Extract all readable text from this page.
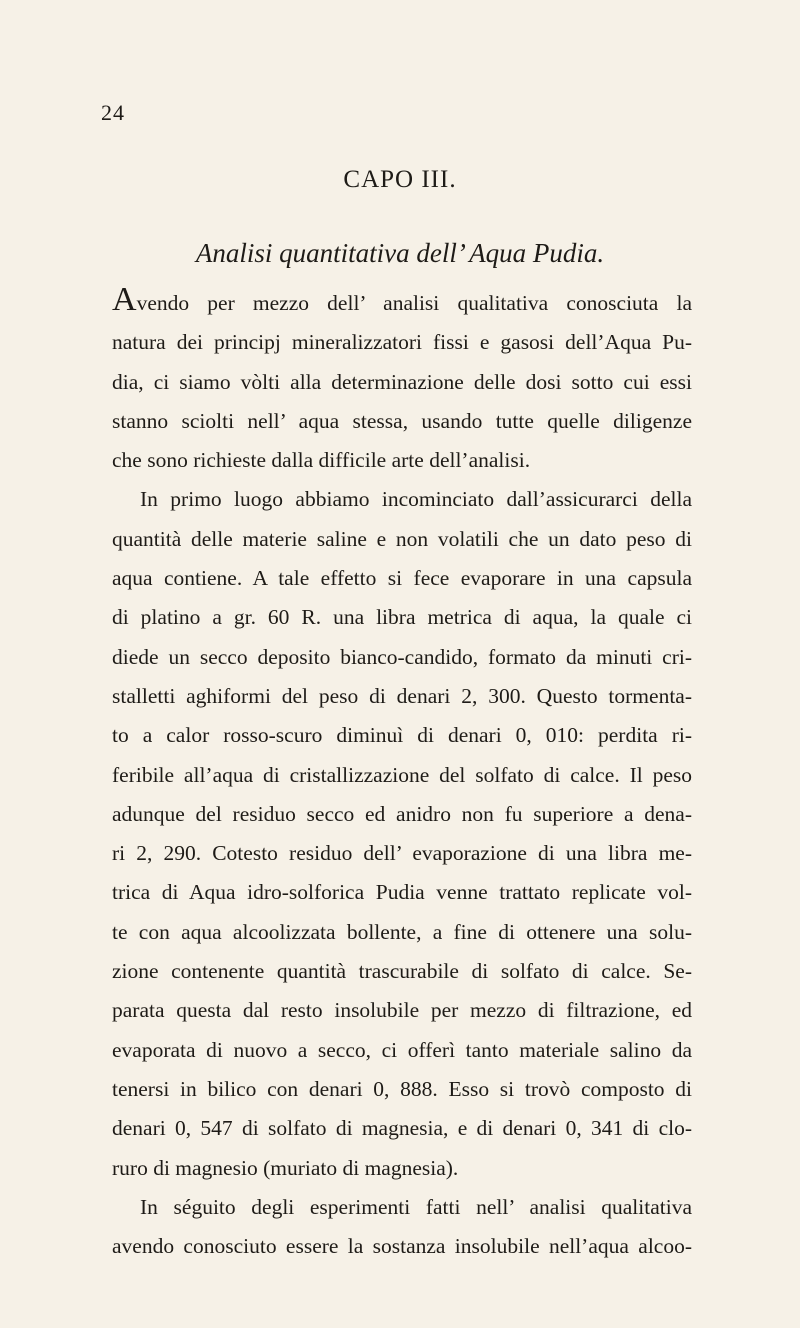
24
CAPO III.
Analisi quantitativa dell’ Aqua Pudia.
Avendo per mezzo dell’ analisi qualitativa conosciuta la
natura dei principj mineralizzatori fissi e gasosi dell’Aqua Pu-
dia, ci siamo vòlti alla determinazione delle dosi sotto cui essi
stanno sciolti nell’ aqua stessa, usando tutte quelle diligenze
che sono richieste dalla difficile arte dell’analisi.
In primo luogo abbiamo incominciato dall’assicurarci della
quantità delle materie saline e non volatili che un dato peso di
aqua contiene. A tale effetto si fece evaporare in una capsula
di platino a gr. 60 R. una libra metrica di aqua, la quale ci
diede un secco deposito bianco-candido, formato da minuti cri-
stalletti aghiformi del peso di denari 2, 300. Questo tormenta-
to a calor rosso-scuro diminuì di denari 0, 010: perdita ri-
feribile all’aqua di cristallizzazione del solfato di calce. Il peso
adunque del residuo secco ed anidro non fu superiore a dena-
ri 2, 290. Cotesto residuo dell’ evaporazione di una libra me-
trica di Aqua idro-solforica Pudia venne trattato replicate vol-
te con aqua alcoolizzata bollente, a fine di ottenere una solu-
zione contenente quantità trascurabile di solfato di calce. Se-
parata questa dal resto insolubile per mezzo di filtrazione, ed
evaporata di nuovo a secco, ci offerì tanto materiale salino da
tenersi in bilico con denari 0, 888. Esso si trovò composto di
denari 0, 547 di solfato di magnesia, e di denari 0, 341 di clo-
ruro di magnesio (muriato di magnesia).
In séguito degli esperimenti fatti nell’ analisi qualitativa
avendo conosciuto essere la sostanza insolubile nell’aqua alcoo-
